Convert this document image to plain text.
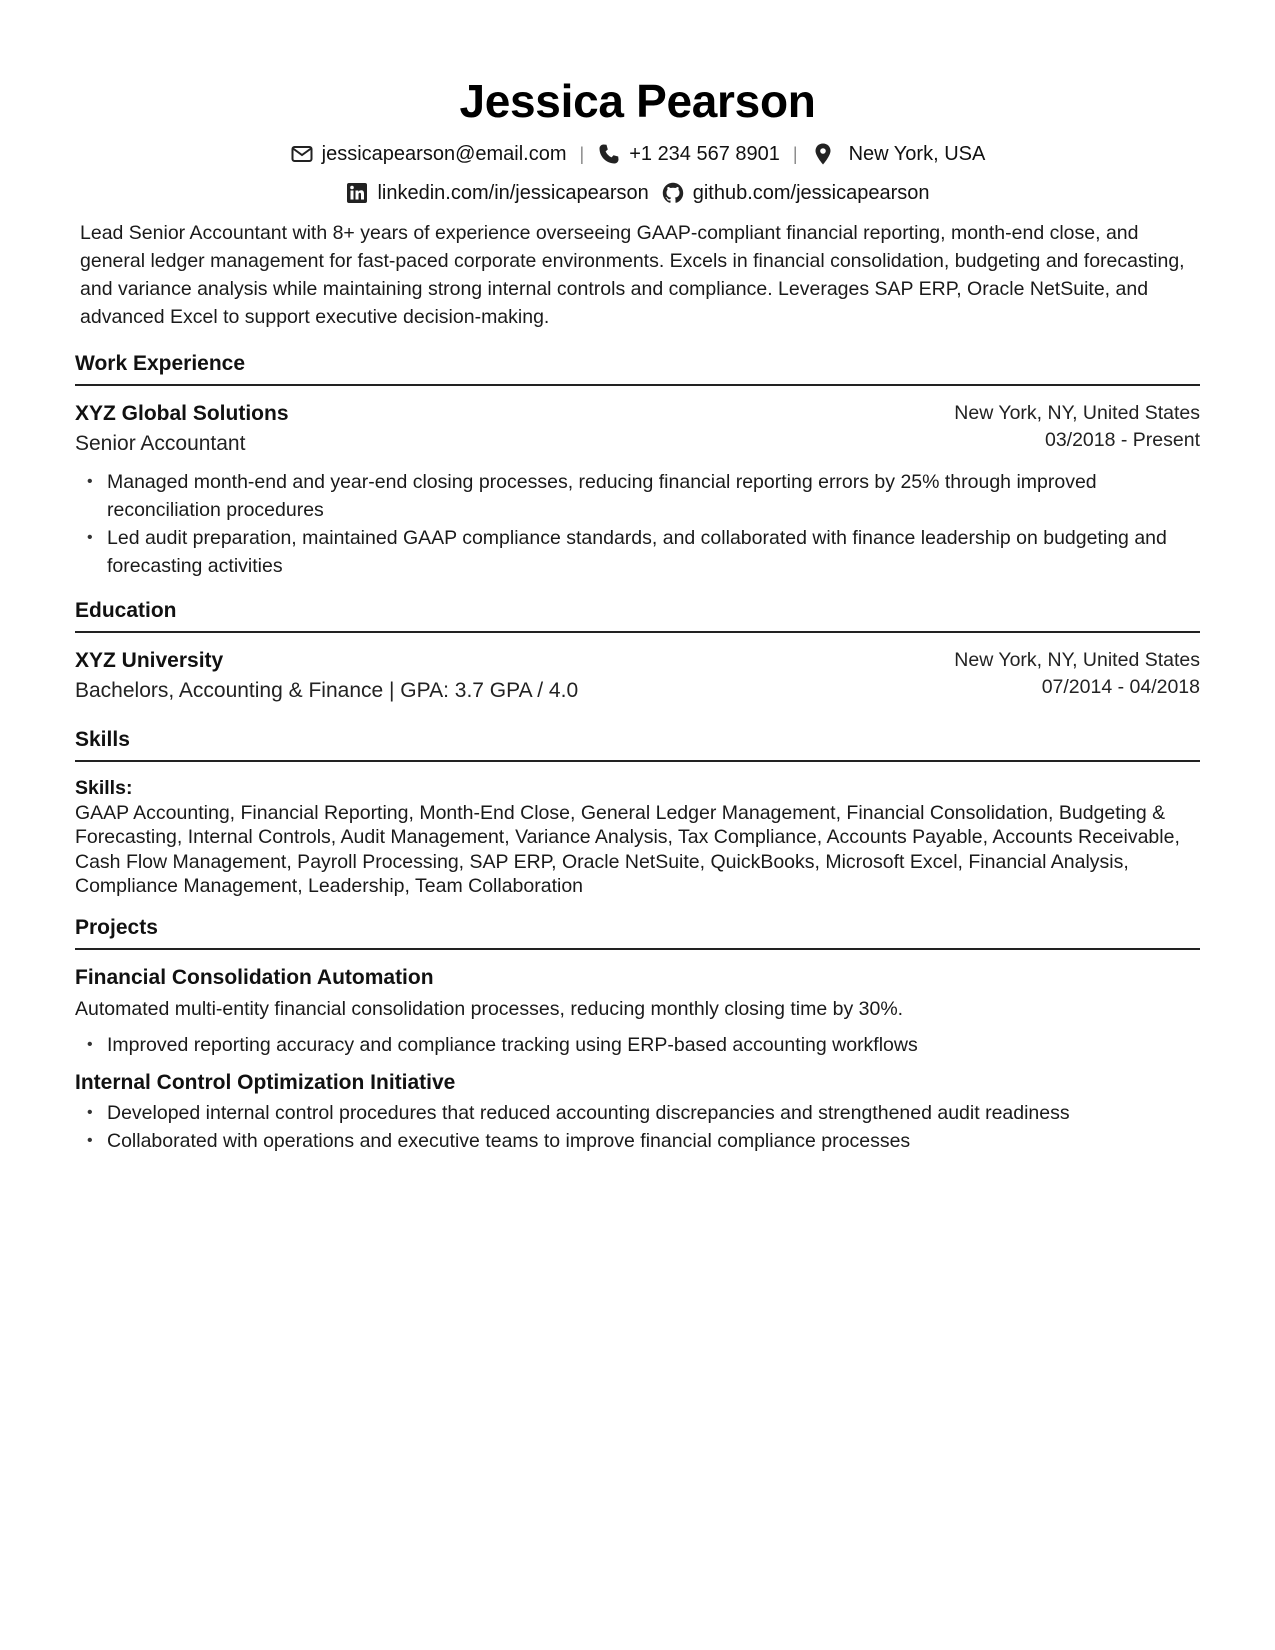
Jessica Pearson
jessicapearson@email.com | +1 234 567 8901 |	New York, USA
linkedin.com/in/jessicapearson github.com/jessicapearson
Lead Senior Accountant with 8+ years of experience overseeing GAAP-compliant financial reporting, month-end close, and general ledger management for fast-paced corporate environments. Excels in financial consolidation, budgeting and forecasting, and variance analysis while maintaining strong internal controls and compliance. Leverages SAP ERP, Oracle NetSuite, and advanced Excel to support executive decision-making.
Work Experience
XYZ Global Solutions
Senior Accountant
New York, NY, United States
03/2018 - Present
• Managed month-end and year-end closing processes, reducing financial reporting errors by 25% through improved reconciliation procedures
• Led audit preparation, maintained GAAP compliance standards, and collaborated with finance leadership on budgeting and forecasting activities
Education
XYZ University
Bachelors, Accounting & Finance | GPA: 3.7 GPA / 4.0
New York, NY, United States
07/2014 - 04/2018
Skills
Skills:
GAAP Accounting, Financial Reporting, Month-End Close, General Ledger Management, Financial Consolidation, Budgeting & Forecasting, Internal Controls, Audit Management, Variance Analysis, Tax Compliance, Accounts Payable, Accounts Receivable, Cash Flow Management, Payroll Processing, SAP ERP, Oracle NetSuite, QuickBooks, Microsoft Excel, Financial Analysis, Compliance Management, Leadership, Team Collaboration
Projects
Financial Consolidation Automation
Automated multi-entity financial consolidation processes, reducing monthly closing time by 30%.
• Improved reporting accuracy and compliance tracking using ERP-based accounting workflows
Internal Control Optimization Initiative
• Developed internal control procedures that reduced accounting discrepancies and strengthened audit readiness
• Collaborated with operations and executive teams to improve financial compliance processes
